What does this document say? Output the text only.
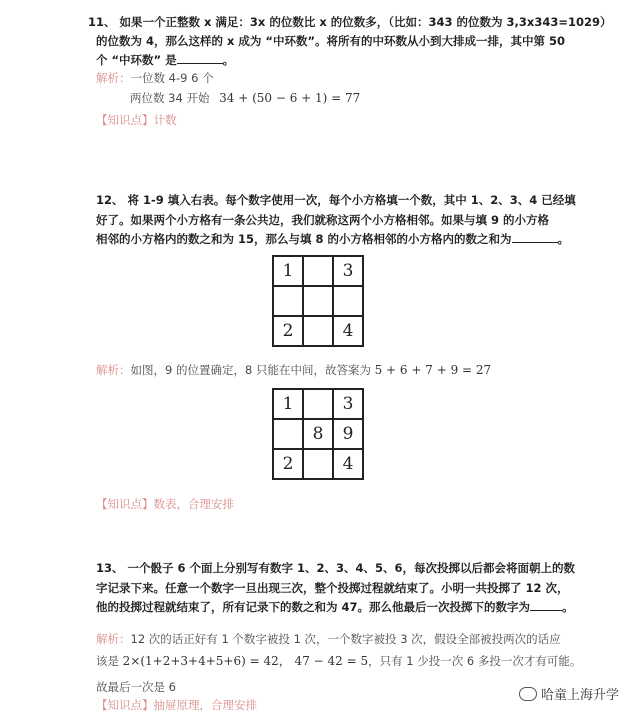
11、 如果一个正整数 x 满足：3x 的位数比 x 的位数多，（比如：343 的位数为 3,3x343=1029）
的位数为 4，那么这样的 x 成为 “中环数”。将所有的中环数从小到大排成一排，其中第 50
个 “中环数” 是	。
解析：一位数 4-9 6 个
两位数 34 开始 34 + (50 − 6 + 1) = 77
【知识点】计数
12、 将 1-9 填入右表。每个数字使用一次，每个小方格填一个数，其中 1、2、3、4 已经填
好了。如果两个小方格有一条公共边，我们就称这两个小方格相邻。如果与填 9 的小方格
相邻的小方格内的数之和为 15，那么与填 8 的小方格相邻的小方格内的数之和为	。
1		3

2		4
解析：如图，9 的位置确定，8 只能在中间，故答案为 5 + 6 + 7 + 9 = 27
1		3
	8	9
2		4
【知识点】数表，合理安排
13、 一个骰子 6 个面上分别写有数字 1、2、3、4、5、6，每次投掷以后都会将面朝上的数
字记录下来。任意一个数字一旦出现三次，整个投掷过程就结束了。小明一共投掷了 12 次，
他的投掷过程就结束了，所有记录下的数之和为 47。那么他最后一次投掷下的数字为	。
解析：12 次的话正好有 1 个数字被投 1 次，一个数字被投 3 次，假设全部被投两次的话应
该是 2×(1+2+3+4+5+6) = 42， 47 − 42 = 5，只有 1 少投一次 6 多投一次才有可能。
故最后一次是 6
【知识点】抽屉原理，合理安排
哈童上海升学
